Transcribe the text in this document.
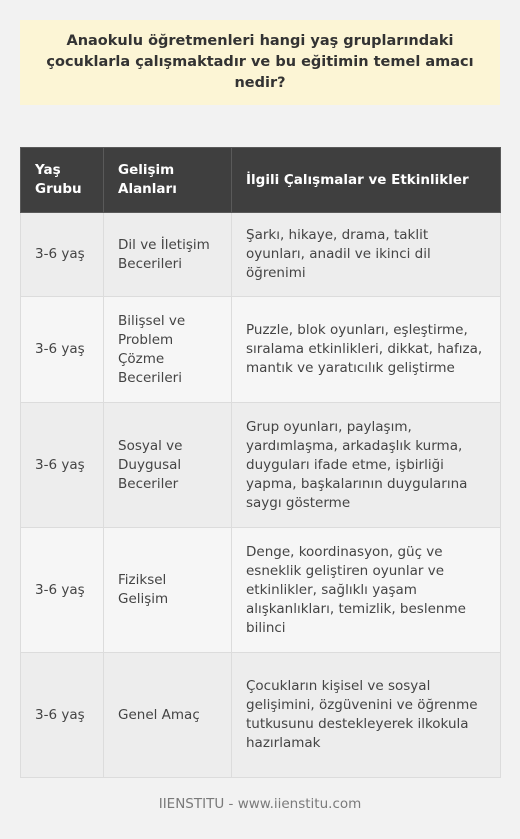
Anaokulu öğretmenleri hangi yaş gruplarındaki çocuklarla çalışmaktadır ve bu eğitimin temel amacı nedir?
Yaş Grubu	Gelişim Alanları	İlgili Çalışmalar ve Etkinlikler
3-6 yaş	Dil ve İletişim Becerileri	Şarkı, hikaye, drama, taklit oyunları, anadil ve ikinci dil öğrenimi
3-6 yaş	Bilişsel ve Problem Çözme Becerileri	Puzzle, blok oyunları, eşleştirme, sıralama etkinlikleri, dikkat, hafıza, mantık ve yaratıcılık geliştirme
3-6 yaş	Sosyal ve Duygusal Beceriler	Grup oyunları, paylaşım, yardımlaşma, arkadaşlık kurma, duyguları ifade etme, işbirliği yapma, başkalarının duygularına saygı gösterme
3-6 yaş	Fiziksel Gelişim	Denge, koordinasyon, güç ve esneklik geliştiren oyunlar ve etkinlikler, sağlıklı yaşam alışkanlıkları, temizlik, beslenme bilinci
3-6 yaş	Genel Amaç	Çocukların kişisel ve sosyal gelişimini, özgüvenini ve öğrenme tutkusunu destekleyerek ilkokula hazırlamak
IIENSTITU - www.iienstitu.com
